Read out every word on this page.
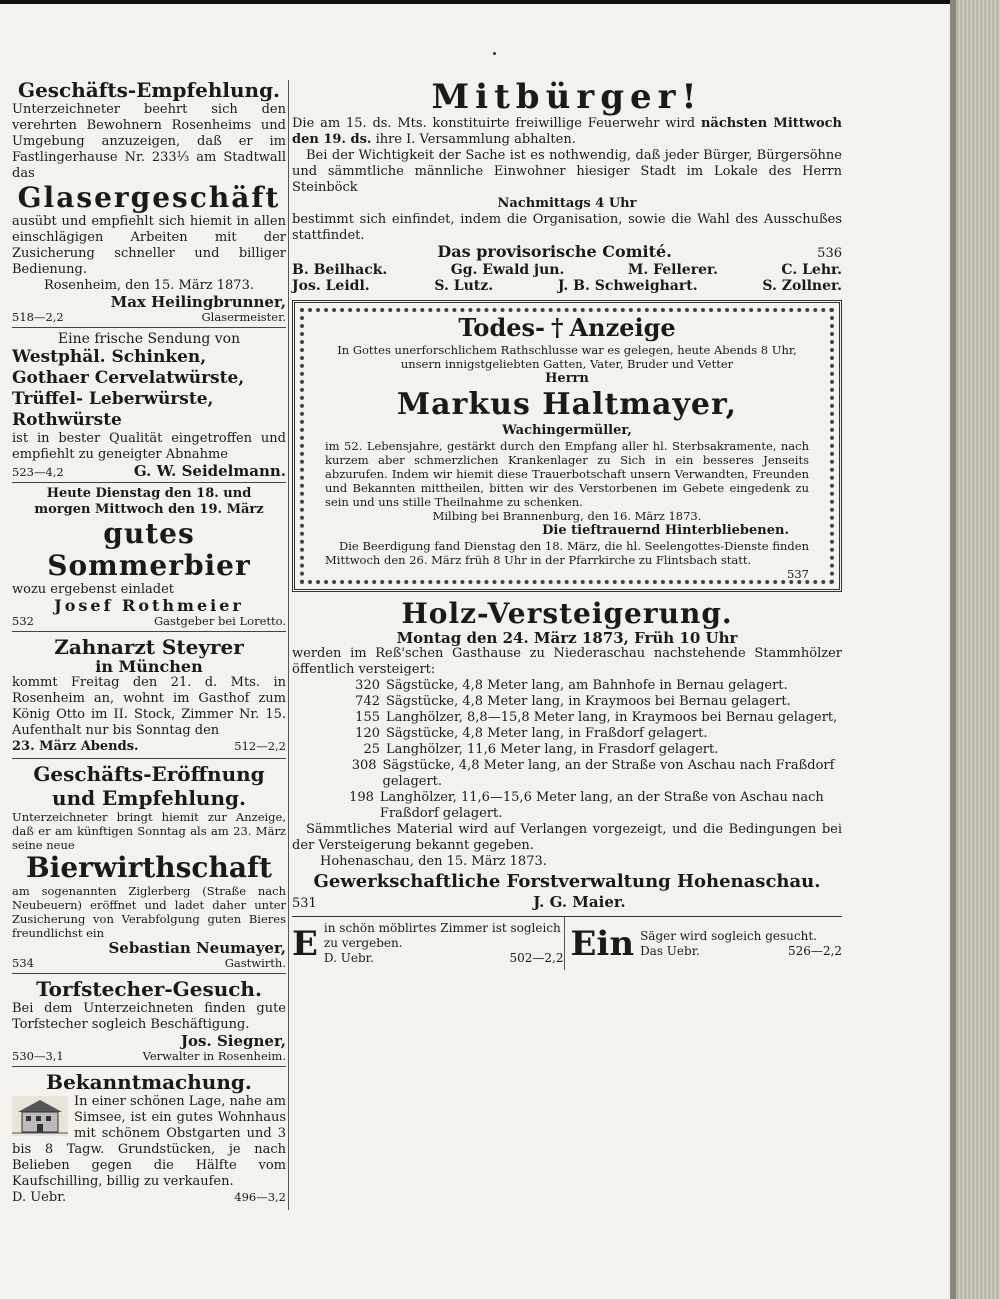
Geschäfts-Empfehlung.
Unterzeichneter beehrt sich den verehrten Bewohnern Rosenheims und Umgebung anzuzeigen, daß er im Fastlingerhause Nr. 233⅓ am Stadtwall das
Glasergeschäft
ausübt und empfiehlt sich hiemit in allen einschlägigen Arbeiten mit der Zusicherung schneller und billiger Bedienung.
Rosenheim, den 15. März 1873.
Max Heilingbrunner,
518—2,2	Glasermeister.
Eine frische Sendung von
Westphäl. Schinken,
Gothaer Cervelatwürste,
Trüffel- Leberwürste,
Rothwürste
ist in bester Qualität eingetroffen und empfiehlt zu geneigter Abnahme
523—4,2	G. W. Seidelmann.
Heute Dienstag den 18. und
morgen Mittwoch den 19. März
gutes Sommerbier
wozu ergebenst einladet
Josef Rothmeier
532	Gastgeber bei Loretto.
Zahnarzt Steyrer
in München
kommt Freitag den 21. d. Mts. in Rosenheim an, wohnt im Gasthof zum König Otto im II. Stock, Zimmer Nr. 15. Aufenthalt nur bis Sonntag den
23. März Abends.	512—2,2
Geschäfts-Eröffnung und Empfehlung.
Unterzeichneter bringt hiemit zur Anzeige, daß er am künftigen Sonntag als am 23. März seine neue
Bierwirthschaft
am sogenannten Ziglerberg (Straße nach Neubeuern) eröffnet und ladet daher unter Zusicherung von Verabfolgung guten Bieres freundlichst ein
Sebastian Neumayer,
534	Gastwirth.
Torfstecher-Gesuch.
Bei dem Unterzeichneten finden gute Torfstecher sogleich Beschäftigung.
Jos. Siegner,
530—3,1	Verwalter in Rosenheim.
Bekanntmachung.
In einer schönen Lage, nahe am Simsee, ist ein gutes Wohnhaus mit schönem Obstgarten und 3 bis 8 Tagw. Grundstücken, je nach Belieben gegen die Hälfte vom Kaufschilling, billig zu verkaufen.
D. Uebr.	496—3,2
Mitbürger!
Die am 15. ds. Mts. konstituirte freiwillige Feuerwehr wird nächsten Mittwoch den 19. ds. ihre I. Versammlung abhalten.
Bei der Wichtigkeit der Sache ist es nothwendig, daß jeder Bürger, Bürgersöhne und sämmtliche männliche Einwohner hiesiger Stadt im Lokale des Herrn Steinböck
Nachmittags 4 Uhr
bestimmt sich einfindet, indem die Organisation, sowie die Wahl des Ausschußes stattfindet.
Das provisorische Comité.	536
B. Beilhack.	Gg. Ewald jun.	M. Fellerer.	C. Lehr.
Jos. Leidl.	S. Lutz.	J. B. Schweighart.	S. Zollner.
Todes- † Anzeige
In Gottes unerforschlichem Rathschlusse war es gelegen, heute Abends 8 Uhr, unsern innigstgeliebten Gatten, Vater, Bruder und Vetter
Herrn
Markus Haltmayer,
Wachingermüller,
im 52. Lebensjahre, gestärkt durch den Empfang aller hl. Sterbsakramente, nach kurzem aber schmerzlichen Krankenlager zu Sich in ein besseres Jenseits abzurufen. Indem wir hiemit diese Trauerbotschaft unsern Verwandten, Freunden und Bekannten mittheilen, bitten wir des Verstorbenen im Gebete eingedenk zu sein und uns stille Theilnahme zu schenken.
Milbing bei Brannenburg, den 16. März 1873.
Die tieftrauernd Hinterbliebenen.
Die Beerdigung fand Dienstag den 18. März, die hl. Seelengottes-Dienste finden Mittwoch den 26. März früh 8 Uhr in der Pfarrkirche zu Flintsbach statt.
537
Holz-Versteigerung.
Montag den 24. März 1873, Früh 10 Uhr
werden im Reß'schen Gasthause zu Niederaschau nachstehende Stammhölzer öffentlich versteigert:
320 Sägstücke, 4,8 Meter lang, am Bahnhofe in Bernau gelagert.
742 Sägstücke, 4,8 Meter lang, in Kraymoos bei Bernau gelagert.
155 Langhölzer, 8,8—15,8 Meter lang, in Kraymoos bei Bernau gelagert,
120 Sägstücke, 4,8 Meter lang, in Fraßdorf gelagert.
25 Langhölzer, 11,6 Meter lang, in Frasdorf gelagert.
308 Sägstücke, 4,8 Meter lang, an der Straße von Aschau nach Fraßdorf gelagert.
198 Langhölzer, 11,6—15,6 Meter lang, an der Straße von Aschau nach Fraßdorf gelagert.
Sämmtliches Material wird auf Verlangen vorgezeigt, und die Bedingungen bei der Versteigerung bekannt gegeben.
Hohenaschau, den 15. März 1873.
Gewerkschaftliche Forstverwaltung Hohenaschau.
531	J. G. Maier.
E in schön möblirtes Zimmer ist sogleich zu vergeben.
D. Uebr.	502—2,2 Ein Säger wird sogleich gesucht.
Das Uebr.	526—2,2
